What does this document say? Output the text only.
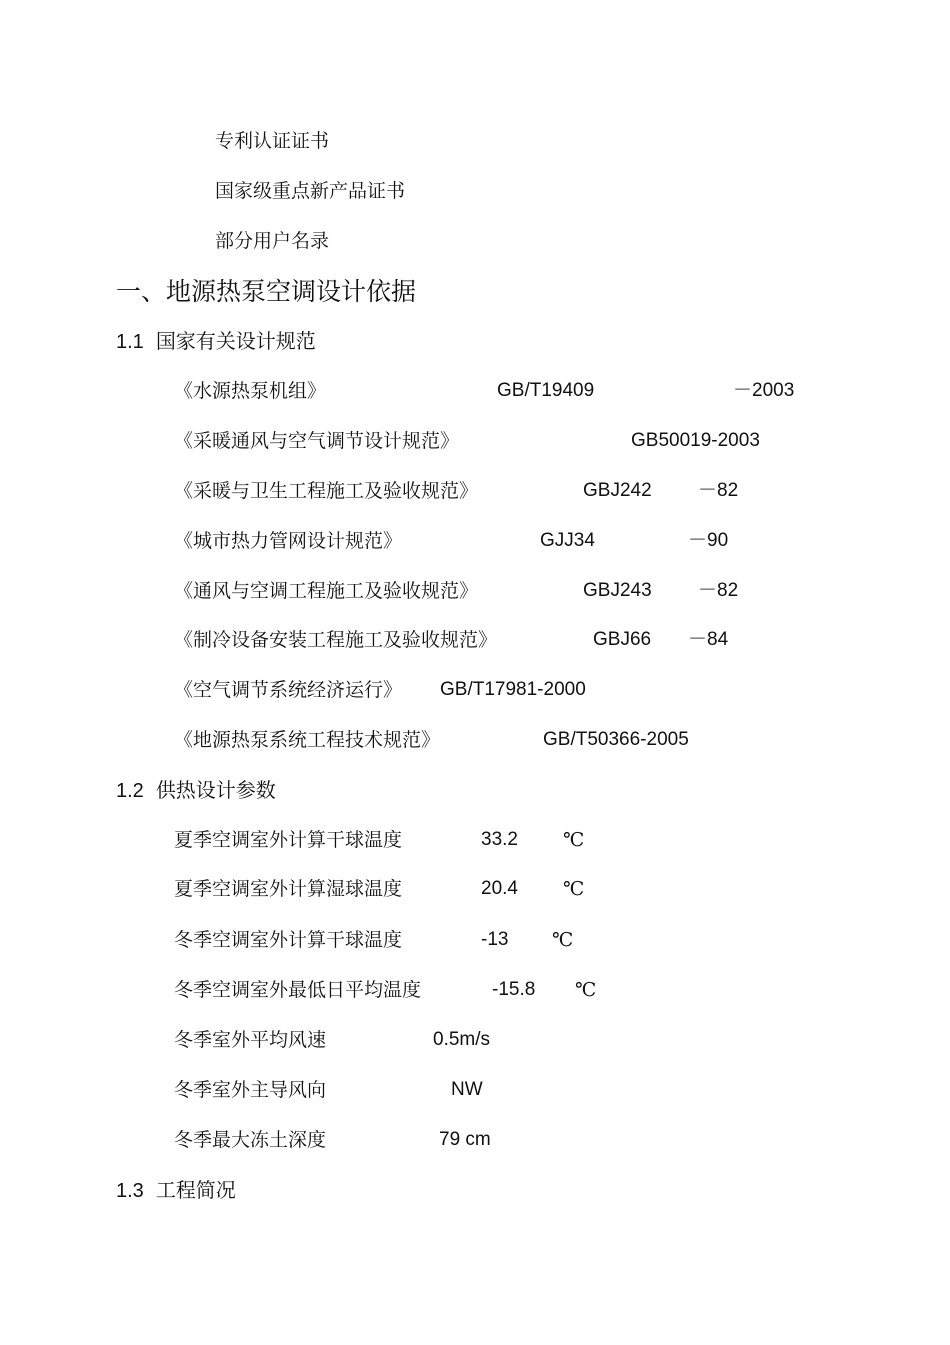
专利认证证书
国家级重点新产品证书
部分用户名录
一、地源热泵空调设计依据
1.1 国家有关设计规范
《水源热泵机组》	GB/T19409	－2003
《采暖通风与空气调节设计规范》	GB50019-2003
《采暖与卫生工程施工及验收规范》	GBJ242 －82
《城市热力管网设计规范》	GJJ34	－90
《通风与空调工程施工及验收规范》	GBJ243 －82
《制冷设备安装工程施工及验收规范》	GBJ66 －84
《空气调节系统经济运行》 GB/T17981-2000
《地源热泵系统工程技术规范》	GB/T50366-2005
1.2 供热设计参数
夏季空调室外计算干球温度	33.2 ℃
夏季空调室外计算湿球温度	20.4 ℃
冬季空调室外计算干球温度	-13 ℃
冬季空调室外最低日平均温度	-15.8 ℃
冬季室外平均风速	0.5m/s
冬季室外主导风向	NW
冬季最大冻土深度	79 cm
1.3 工程简况
